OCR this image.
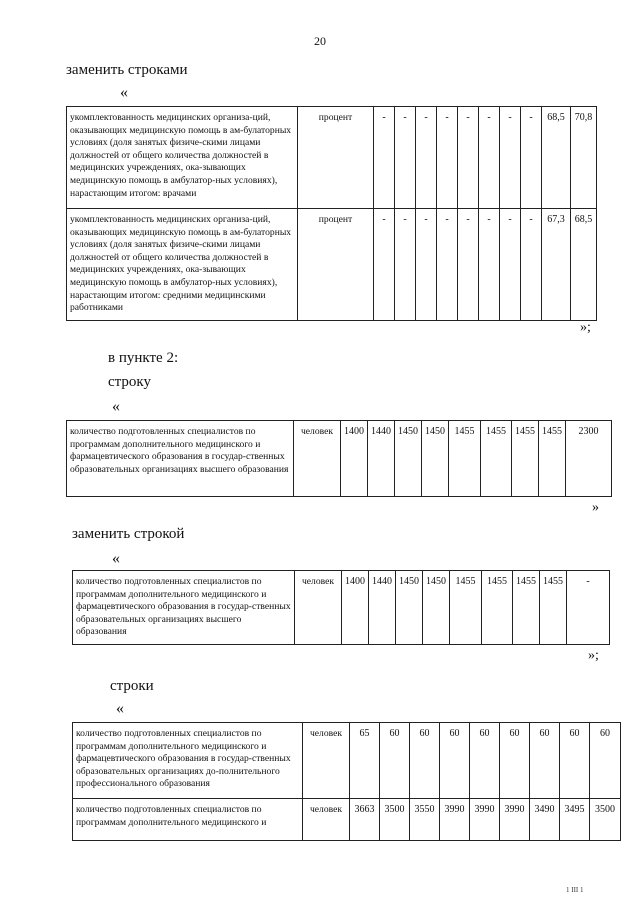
20
заменить строками
«
укомплектованность медицинских организа-ций, оказывающих медицинскую помощь в ам-булаторных условиях (доля занятых физиче-скими лицами должностей от общего количества должностей в медицинских учреждениях, ока-зывающих медицинскую помощь в амбулатор-ных условиях), нарастающим итогом: врачами	процент	-	-	-	-	-	-	-	-	68,5	70,8
укомплектованность медицинских организа-ций, оказывающих медицинскую помощь в ам-булаторных условиях (доля занятых физиче-скими лицами должностей от общего количества должностей в медицинских учреждениях, ока-зывающих медицинскую помощь в амбулатор-ных условиях), нарастающим итогом: средними медицинскими работниками	процент	-	-	-	-	-	-	-	-	67,3	68,5
»;
в пункте 2:
строку
«
количество подготовленных специалистов по программам дополнительного медицинского и фармацевтического образования в государ-ственных образовательных организациях высшего образования	человек	1400	1440	1450	1450	1455	1455	1455	1455	2300
»
заменить строкой
«
количество подготовленных специалистов по программам дополнительного медицинского и фармацевтического образования в государ-ственных образовательных организациях высшего образования	человек	1400	1440	1450	1450	1455	1455	1455	1455	-
»;
строки
«
количество подготовленных специалистов по программам дополнительного медицинского и фармацевтического образования в государ-ственных образовательных организациях до-полнительного профессионального образования	человек	65	60	60	60	60	60	60	60	60
количество подготовленных специалистов по программам дополнительного медицинского и	человек	3663	3500	3550	3990	3990	3990	3490	3495	3500
1 III 1
